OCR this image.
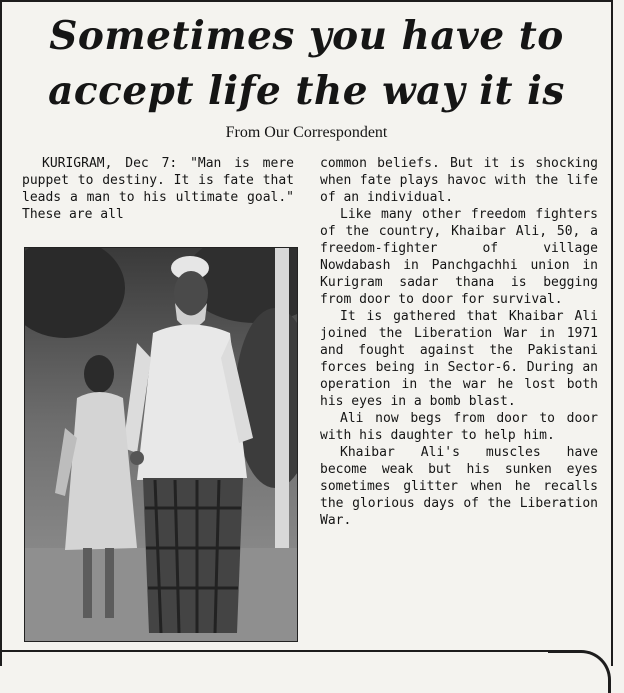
Sometimes you have to
accept life the way it is
From Our Correspondent

KURIGRAM, Dec 7: "Man is mere puppet to destiny. It is fate that leads a man to his ultimate goal." These are all

common beliefs. But it is shocking when fate plays havoc with the life of an individual.

Like many other freedom fighters of the country, Khaibar Ali, 50, a freedom-fighter of village Nowdabash in Panchgachhi union in Kurigram sadar thana is begging from door to door for survival.

It is gathered that Khaibar Ali joined the Liberation War in 1971 and fought against the Pakistani forces being in Sector-6. During an operation in the war he lost both his eyes in a bomb blast.

Ali now begs from door to door with his daughter to help him.

Khaibar Ali's muscles have become weak but his sunken eyes sometimes glitter when he recalls the glorious days of the Liberation War.
